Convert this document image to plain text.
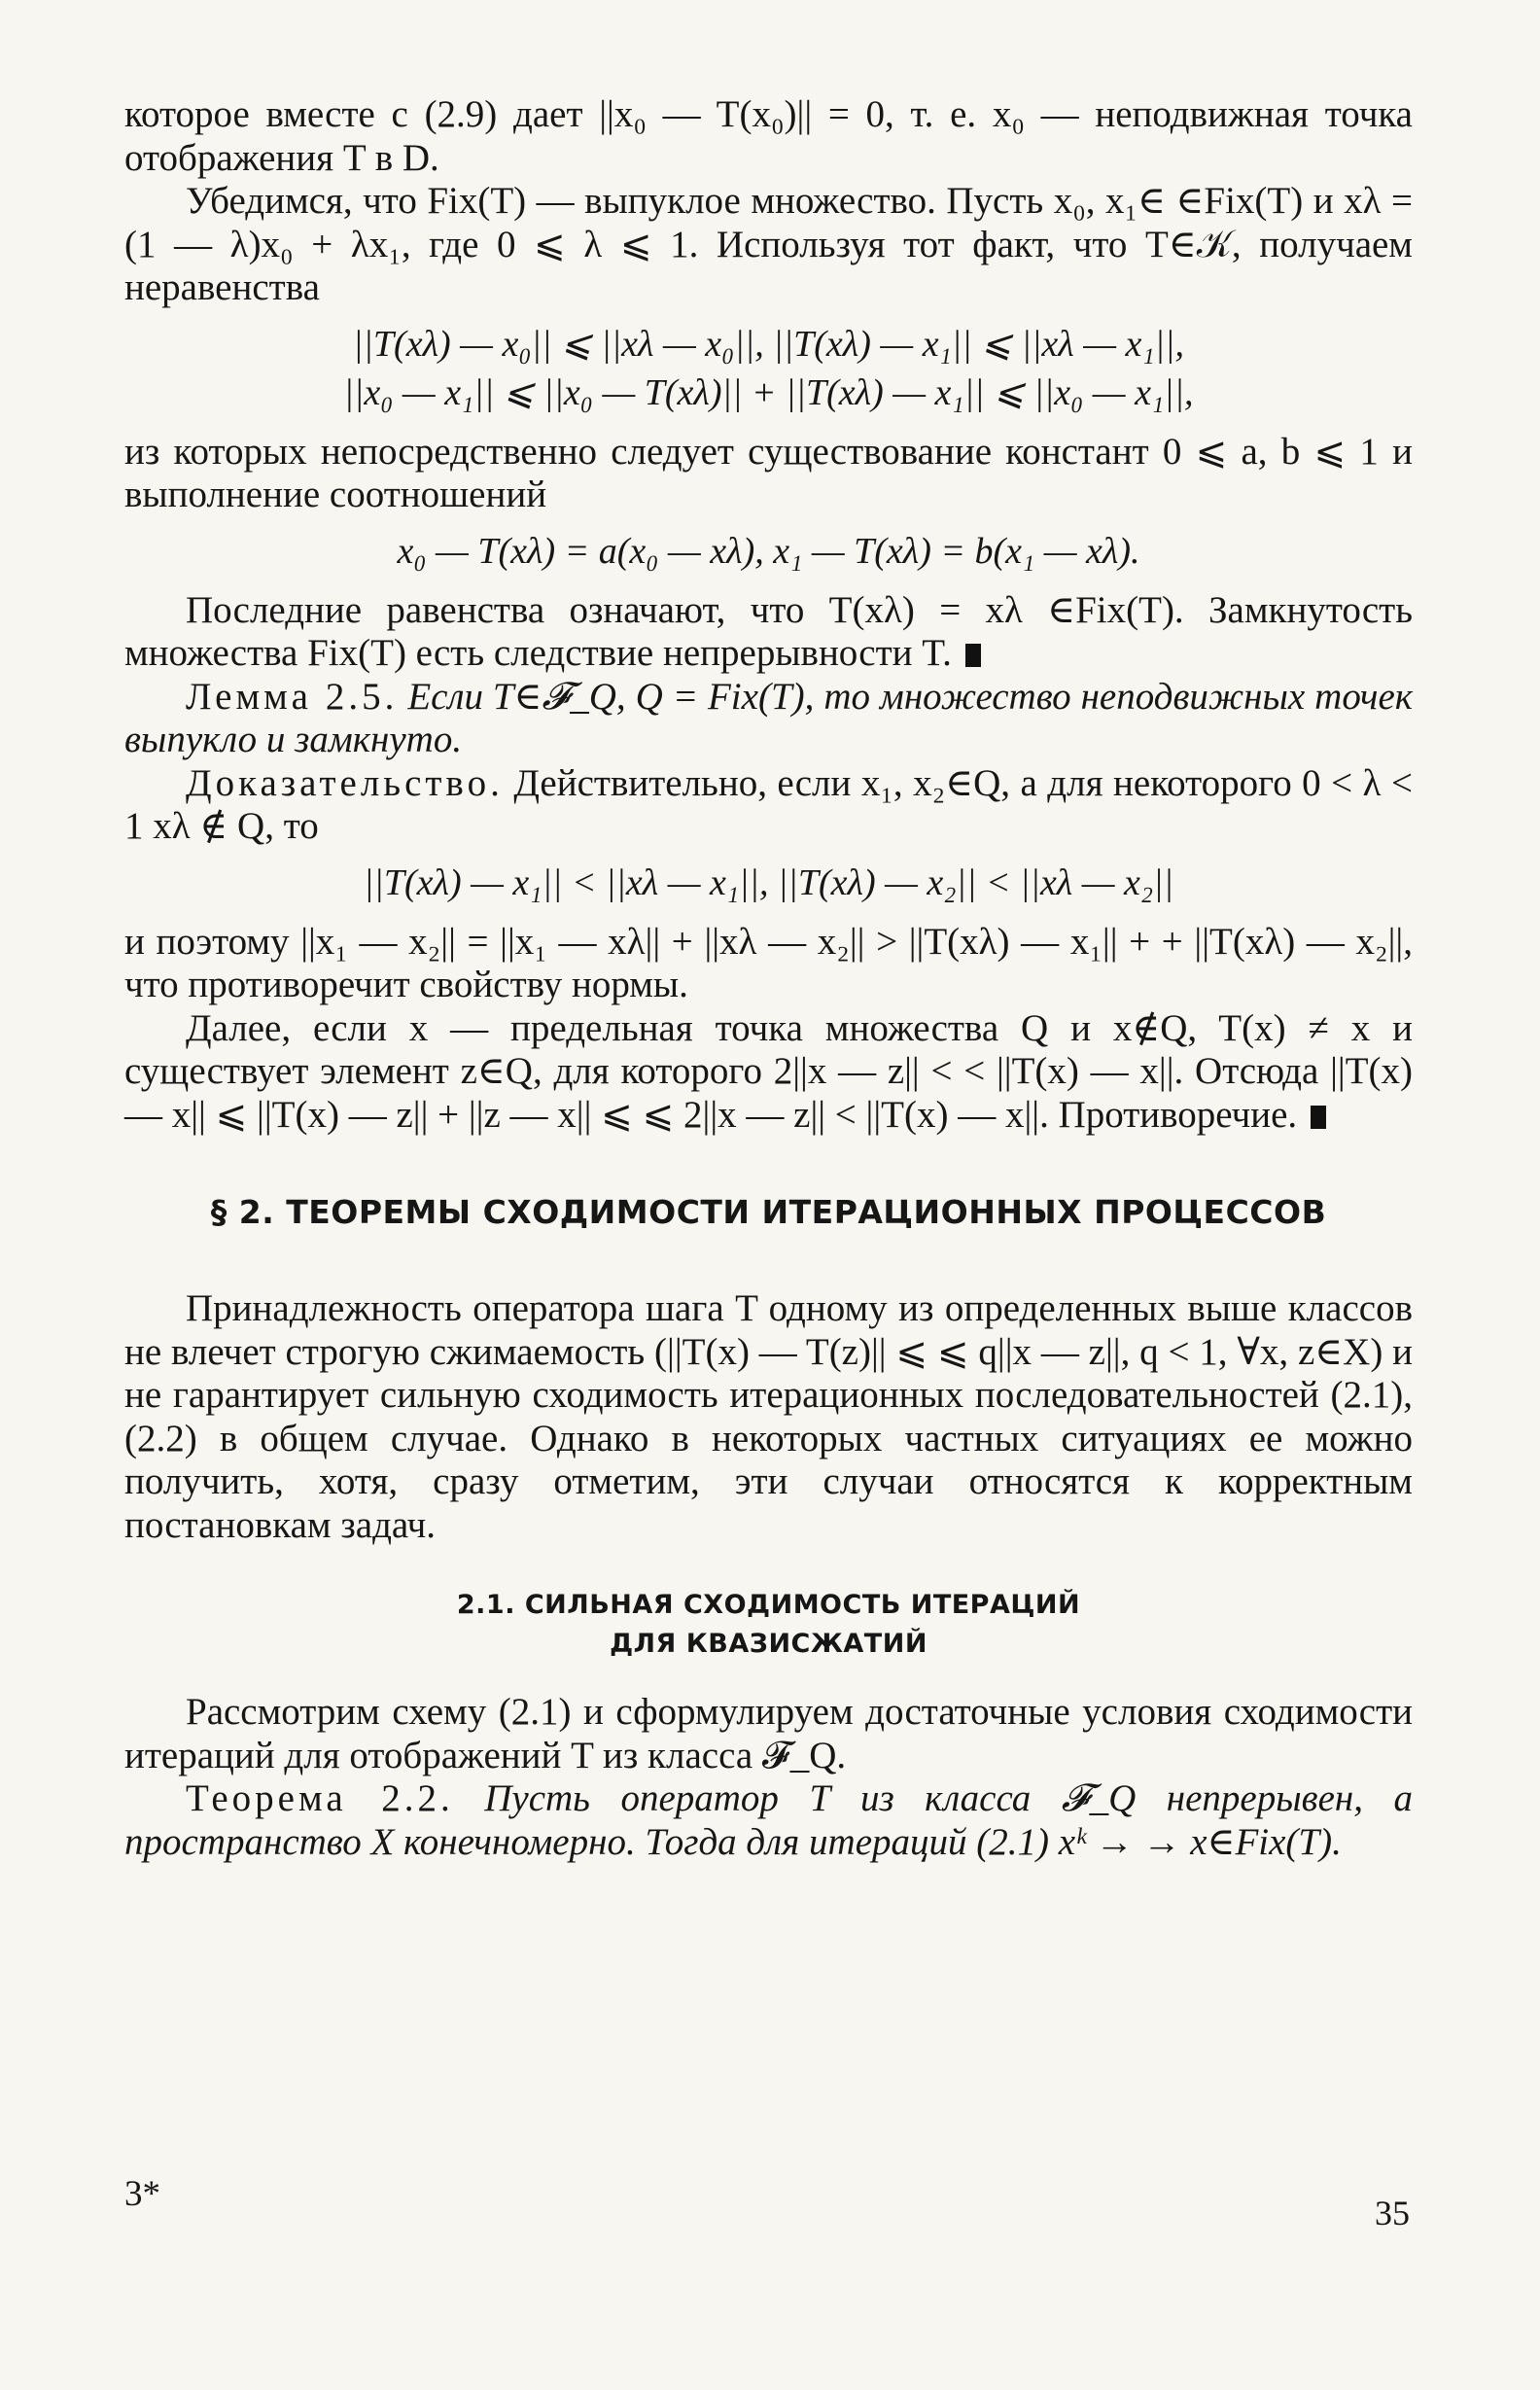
которое вместе с (2.9) дает ||x₀ — T(x₀)|| = 0, т. е. x₀ — неподвижная точка отображения T в D.

Убедимся, что Fix(T) — выпуклое множество. Пусть x₀, x₁∈ ∈Fix(T) и xλ = (1 — λ)x₀ + λx₁, где 0 ⩽ λ ⩽ 1. Используя тот факт, что T∈𝒦, получаем неравенства

||T(xλ) — x₀|| ⩽ ||xλ — x₀||, ||T(xλ) — x₁|| ⩽ ||xλ — x₁||,
||x₀ — x₁|| ⩽ ||x₀ — T(xλ)|| + ||T(xλ) — x₁|| ⩽ ||x₀ — x₁||,

из которых непосредственно следует существование констант 0 ⩽ a, b ⩽ 1 и выполнение соотношений

x₀ — T(xλ) = a(x₀ — xλ), x₁ — T(xλ) = b(x₁ — xλ).

Последние равенства означают, что T(xλ) = xλ ∈Fix(T). Замкнутость множества Fix(T) есть следствие непрерывности T.

Лемма 2.5. Если T∈𝓕_Q, Q = Fix(T), то множество неподвижных точек выпукло и замкнуто.

Доказательство. Действительно, если x₁, x₂∈Q, а для некоторого 0 < λ < 1 xλ ∉ Q, то

||T(xλ) — x₁|| < ||xλ — x₁||, ||T(xλ) — x₂|| < ||xλ — x₂||

и поэтому ||x₁ — x₂|| = ||x₁ — xλ|| + ||xλ — x₂|| > ||T(xλ) — x₁|| + + ||T(xλ) — x₂||, что противоречит свойству нормы.

Далее, если x — предельная точка множества Q и x∉Q, T(x) ≠ x и существует элемент z∈Q, для которого 2||x — z|| < < ||T(x) — x||. Отсюда ||T(x) — x|| ⩽ ||T(x) — z|| + ||z — x|| ⩽ ⩽ 2||x — z|| < ||T(x) — x||. Противоречие.

§ 2. ТЕОРЕМЫ СХОДИМОСТИ ИТЕРАЦИОННЫХ ПРОЦЕССОВ

Принадлежность оператора шага T одному из определенных выше классов не влечет строгую сжимаемость (||T(x) — T(z)|| ⩽ ⩽ q||x — z||, q < 1, ∀x, z∈X) и не гарантирует сильную сходимость итерационных последовательностей (2.1), (2.2) в общем случае. Однако в некоторых частных ситуациях ее можно получить, хотя, сразу отметим, эти случаи относятся к корректным постановкам задач.

2.1. СИЛЬНАЯ СХОДИМОСТЬ ИТЕРАЦИЙ
ДЛЯ КВАЗИСЖАТИЙ

Рассмотрим схему (2.1) и сформулируем достаточные условия сходимости итераций для отображений T из класса 𝓕_Q.

Теорема 2.2. Пусть оператор T из класса 𝓕_Q непрерывен, а пространство X конечномерно. Тогда для итераций (2.1) xᵏ → → x∈Fix(T).

3*	35
